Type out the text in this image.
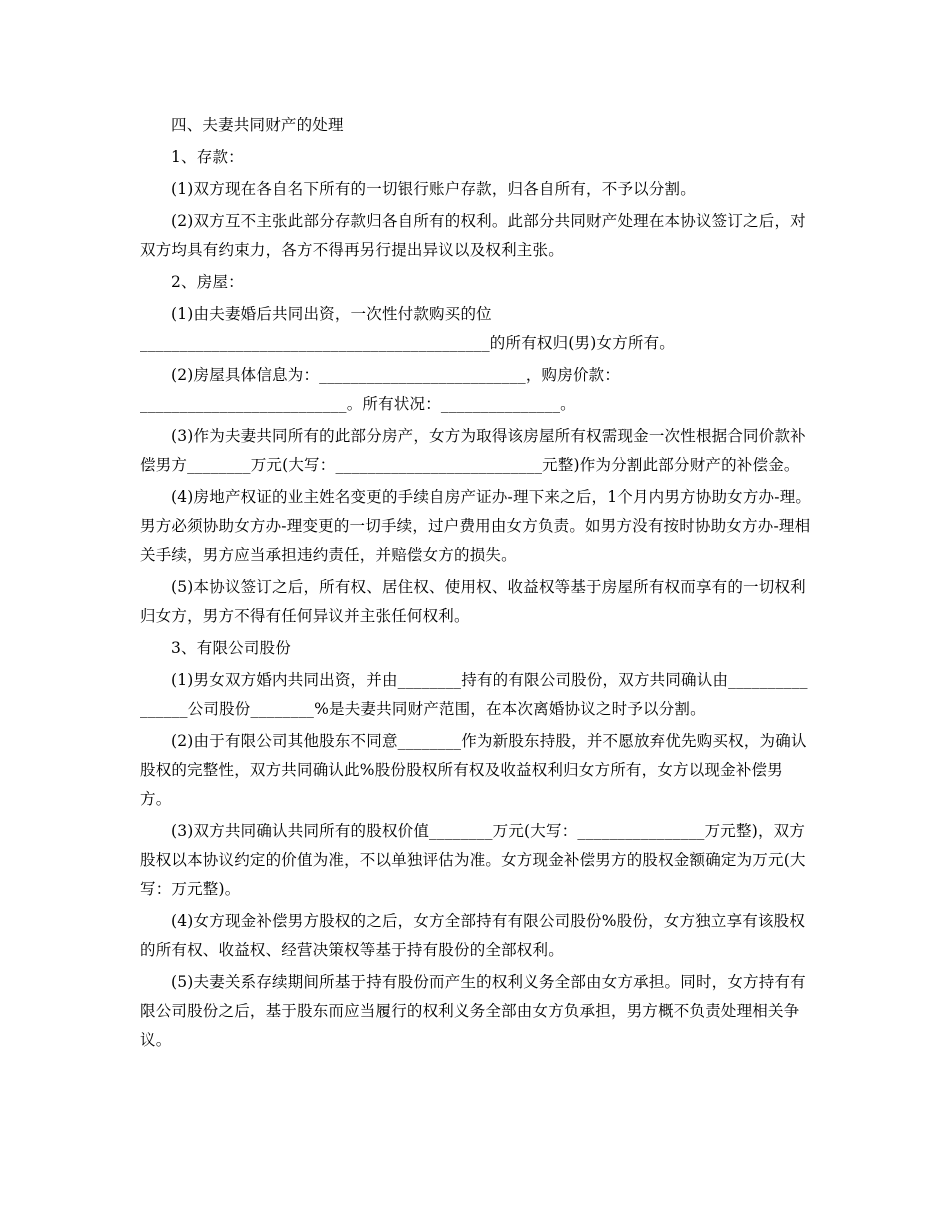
四、夫妻共同财产的处理

1、存款：

(1)双方现在各自名下所有的一切银行账户存款，归各自所有，不予以分割。

(2)双方互不主张此部分存款归各自所有的权利。此部分共同财产处理在本协议签订之后，对双方均具有约束力，各方不得再另行提出异议以及权利主张。

2、房屋：

(1)由夫妻婚后共同出资，一次性付款购买的位
____________________________________________的所有权归(男)女方所有。

(2)房屋具体信息为：__________________________，购房价款：
__________________________。所有状况：_______________。

(3)作为夫妻共同所有的此部分房产，女方为取得该房屋所有权需现金一次性根据合同价款补偿男方________万元(大写：__________________________元整)作为分割此部分财产的补偿金。

(4)房地产权证的业主姓名变更的手续自房产证办-理下来之后，1个月内男方协助女方办-理。男方必须协助女方办-理变更的一切手续，过户费用由女方负责。如男方没有按时协助女方办-理相关手续，男方应当承担违约责任，并赔偿女方的损失。

(5)本协议签订之后，所有权、居住权、使用权、收益权等基于房屋所有权而享有的一切权利归女方，男方不得有任何异议并主张任何权利。

3、有限公司股份

(1)男女双方婚内共同出资，并由________持有的有限公司股份，双方共同确认由________________公司股份________%是夫妻共同财产范围，在本次离婚协议之时予以分割。

(2)由于有限公司其他股东不同意________作为新股东持股，并不愿放弃优先购买权，为确认股权的完整性，双方共同确认此%股份股权所有权及收益权利归女方所有，女方以现金补偿男方。

(3)双方共同确认共同所有的股权价值________万元(大写：________________万元整)，双方股权以本协议约定的价值为准，不以单独评估为准。女方现金补偿男方的股权金额确定为万元(大写：万元整)。

(4)女方现金补偿男方股权的之后，女方全部持有有限公司股份%股份，女方独立享有该股权的所有权、收益权、经营决策权等基于持有股份的全部权利。

(5)夫妻关系存续期间所基于持有股份而产生的权利义务全部由女方承担。同时，女方持有有限公司股份之后，基于股东而应当履行的权利义务全部由女方负承担，男方概不负责处理相关争议。
